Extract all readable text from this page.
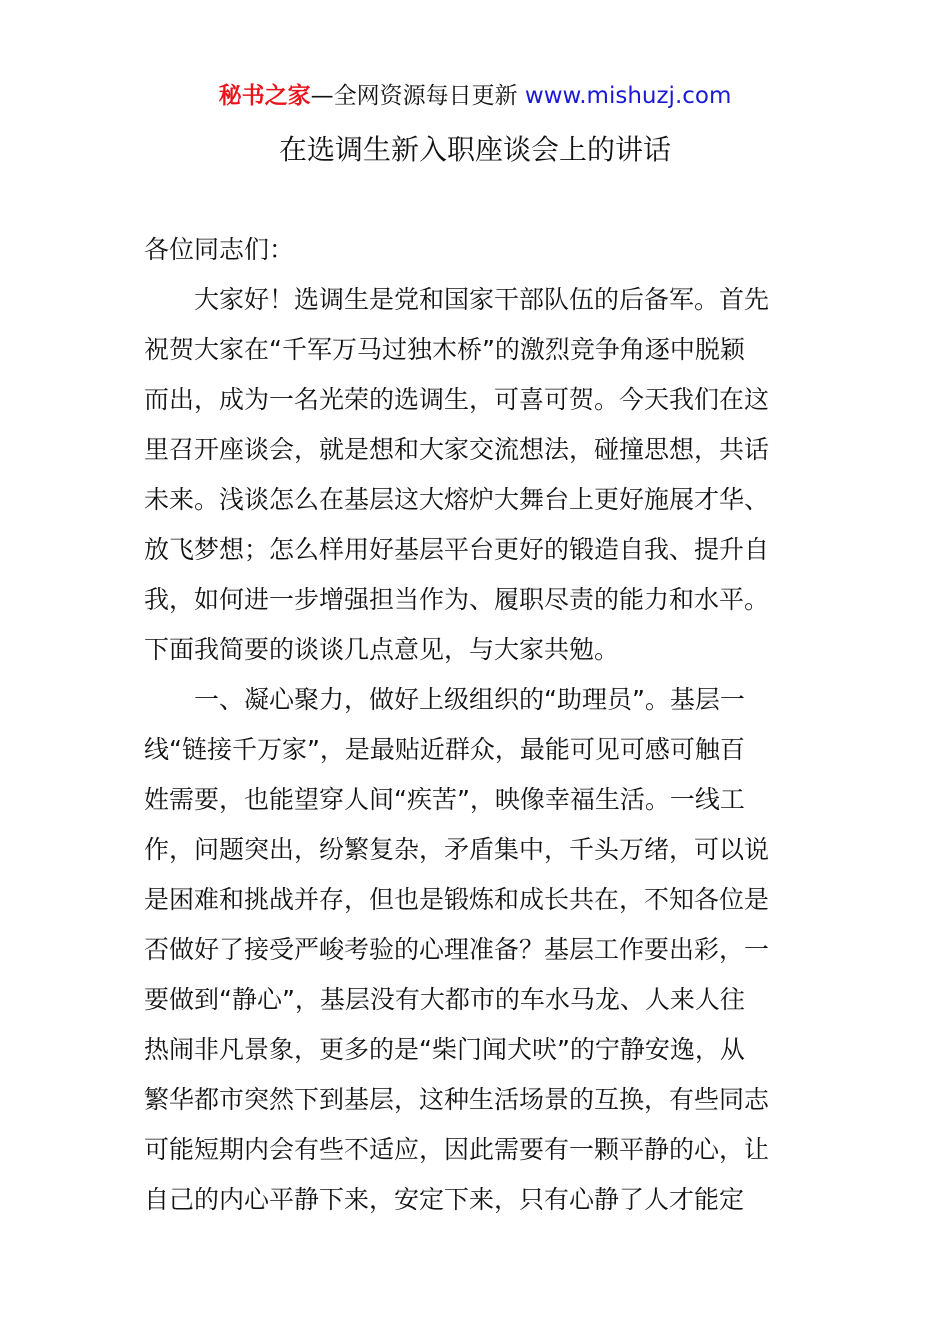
秘书之家—全网资源每日更新 www.mishuzj.com
在选调生新入职座谈会上的讲话
各位同志们：
大家好！选调生是党和国家干部队伍的后备军。首先
祝贺大家在“千军万马过独木桥”的激烈竞争角逐中脱颖
而出，成为一名光荣的选调生，可喜可贺。今天我们在这
里召开座谈会，就是想和大家交流想法，碰撞思想，共话
未来。浅谈怎么在基层这大熔炉大舞台上更好施展才华、
放飞梦想；怎么样用好基层平台更好的锻造自我、提升自
我，如何进一步增强担当作为、履职尽责的能力和水平。
下面我简要的谈谈几点意见，与大家共勉。
一、凝心聚力，做好上级组织的“助理员”。基层一
线“链接千万家”，是最贴近群众，最能可见可感可触百
姓需要，也能望穿人间“疾苦”，映像幸福生活。一线工
作，问题突出，纷繁复杂，矛盾集中，千头万绪，可以说
是困难和挑战并存，但也是锻炼和成长共在，不知各位是
否做好了接受严峻考验的心理准备？基层工作要出彩，一
要做到“静心”，基层没有大都市的车水马龙、人来人往
热闹非凡景象，更多的是“柴门闻犬吠”的宁静安逸，从
繁华都市突然下到基层，这种生活场景的互换，有些同志
可能短期内会有些不适应，因此需要有一颗平静的心，让
自己的内心平静下来，安定下来，只有心静了人才能定
